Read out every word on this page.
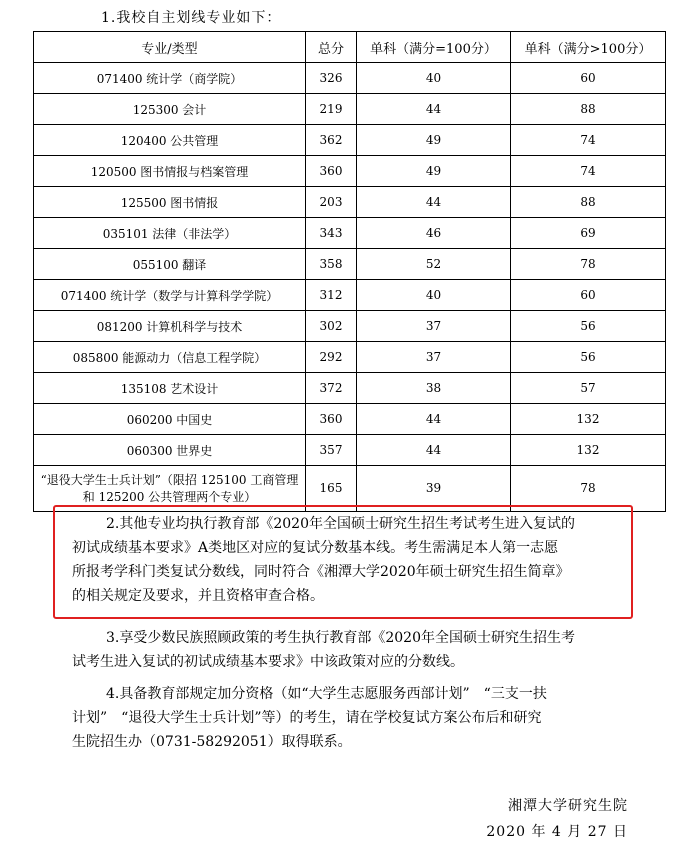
1.我校自主划线专业如下：
专业/类型	总分	单科（满分=100分）	单科（满分>100分）
071400 统计学（商学院）	326	40	60
125300 会计	219	44	88
120400 公共管理	362	49	74
120500 图书情报与档案管理	360	49	74
125500 图书情报	203	44	88
035101 法律（非法学）	343	46	69
055100 翻译	358	52	78
071400 统计学（数学与计算科学学院）	312	40	60
081200 计算机科学与技术	302	37	56
085800 能源动力（信息工程学院）	292	37	56
135108 艺术设计	372	38	57
060200 中国史	360	44	132
060300 世界史	357	44	132
“退役大学生士兵计划”（限招 125100 工商管理和 125200 公共管理两个专业）	165	39	78
2.其他专业均执行教育部《2020年全国硕士研究生招生考试考生进入复试的
初试成绩基本要求》A类地区对应的复试分数基本线。考生需满足本人第一志愿
所报考学科门类复试分数线，同时符合《湘潭大学2020年硕士研究生招生简章》
的相关规定及要求，并且资格审查合格。
3.享受少数民族照顾政策的考生执行教育部《2020年全国硕士研究生招生考
试考生进入复试的初试成绩基本要求》中该政策对应的分数线。
4.具备教育部规定加分资格（如“大学生志愿服务西部计划”　“三支一扶
计划”　“退役大学生士兵计划”等）的考生，请在学校复试方案公布后和研究
生院招生办（0731-58292051）取得联系。
湘潭大学研究生院
2020 年 4 月 27 日
